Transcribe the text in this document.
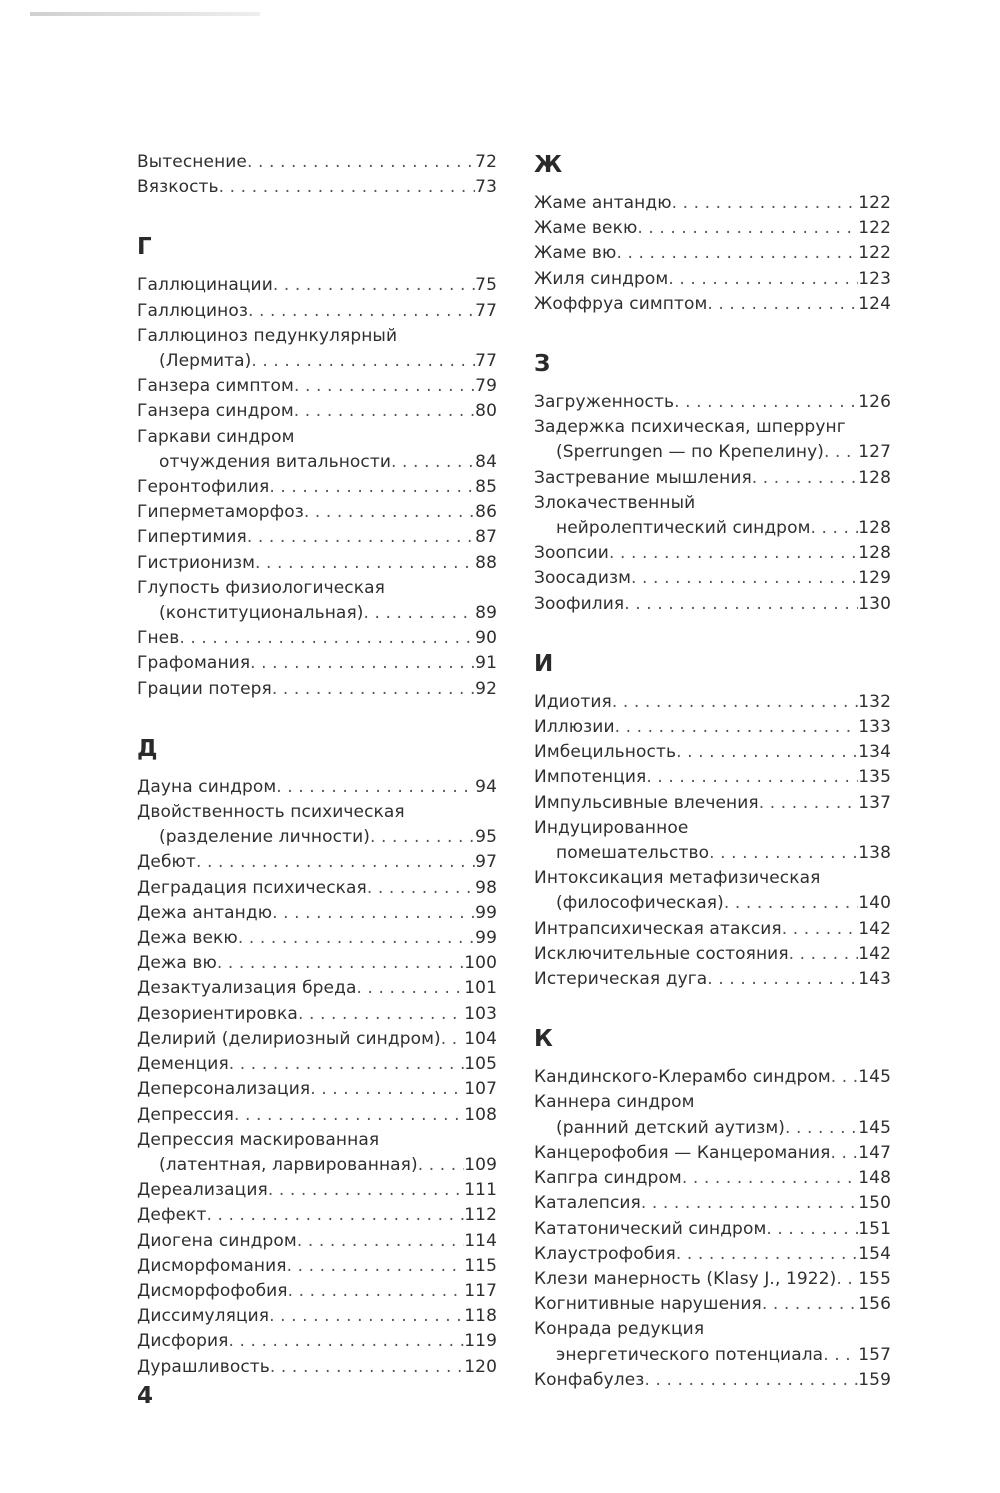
Вытеснение . . .	72
Вязкость . . .	73
Г
Галлюцинации . . .	75
Галлюциноз . . .	77
Галлюциноз педункулярный
(Лермита) . . .	77
Ганзера симптом . . .	79
Ганзера синдром . . .	80
Гаркави синдром
отчуждения витальности . . .	84
Геронтофилия . . .	85
Гиперметаморфоз . . .	86
Гипертимия . . .	87
Гистрионизм . . .	88
Глупость физиологическая
(конституциональная) . . .	89
Гнев . . .	90
Графомания . . .	91
Грации потеря . . .	92
Д
Дауна синдром . . .	94
Двойственность психическая
(разделение личности) . . .	95
Дебют . . .	97
Деградация психическая . . .	98
Дежа антандю . . .	99
Дежа векю . . .	99
Дежа вю . . .	100
Дезактуализация бреда . . .	101
Дезориентировка . . .	103
Делирий (делириозный синдром) . . . 104
Деменция . . .	105
Деперсонализация . . .	107
Депрессия . . .	108
Депрессия маскированная
(латентная, ларвированная) . . .	109
Дереализация . . .	111
Дефект . . .	112
Диогена синдром . . .	114
Дисморфомания . . .	115
Дисморфофобия . . .	117
Диссимуляция . . .	118
Дисфория . . .	119
Дурашливость . . .	120
Ж
Жаме антандю . . .	122
Жаме векю . . .	122
Жаме вю . . .	122
Жиля синдром . . .	123
Жоффруа симптом . . .	124
З
Загруженность . . .	126
Задержка психическая, шперрунг
(Sperrungen — по Крепелину) . . . 127
Застревание мышления . . .	128
Злокачественный
нейролептический синдром . . .	128
Зоопсии . . .	128
Зоосадизм . . .	129
Зоофилия . . .	130
И
Идиотия . . .	132
Иллюзии . . .	133
Имбецильность . . .	134
Импотенция . . .	135
Импульсивные влечения . . .	137
Индуцированное
помешательство . . .	138
Интоксикация метафизическая
(философическая) . . .	140
Интрапсихическая атаксия . . .	142
Исключительные состояния . . .	142
Истерическая дуга . . .	143
К
Кандинского-Клерамбо синдром . . . 145
Каннера синдром
(ранний детский аутизм) . . .	145
Канцерофобия — Канцеромания . . . 147
Капгра синдром . . .	148
Каталепсия . . .	150
Кататонический синдром . . .	151
Клаустрофобия . . .	154
Клези манерность (Klasy J., 1922) . . . 155
Когнитивные нарушения . . .	156
Конрада редукция
энергетического потенциала . . . 157
Конфабулез . . .	159
4
